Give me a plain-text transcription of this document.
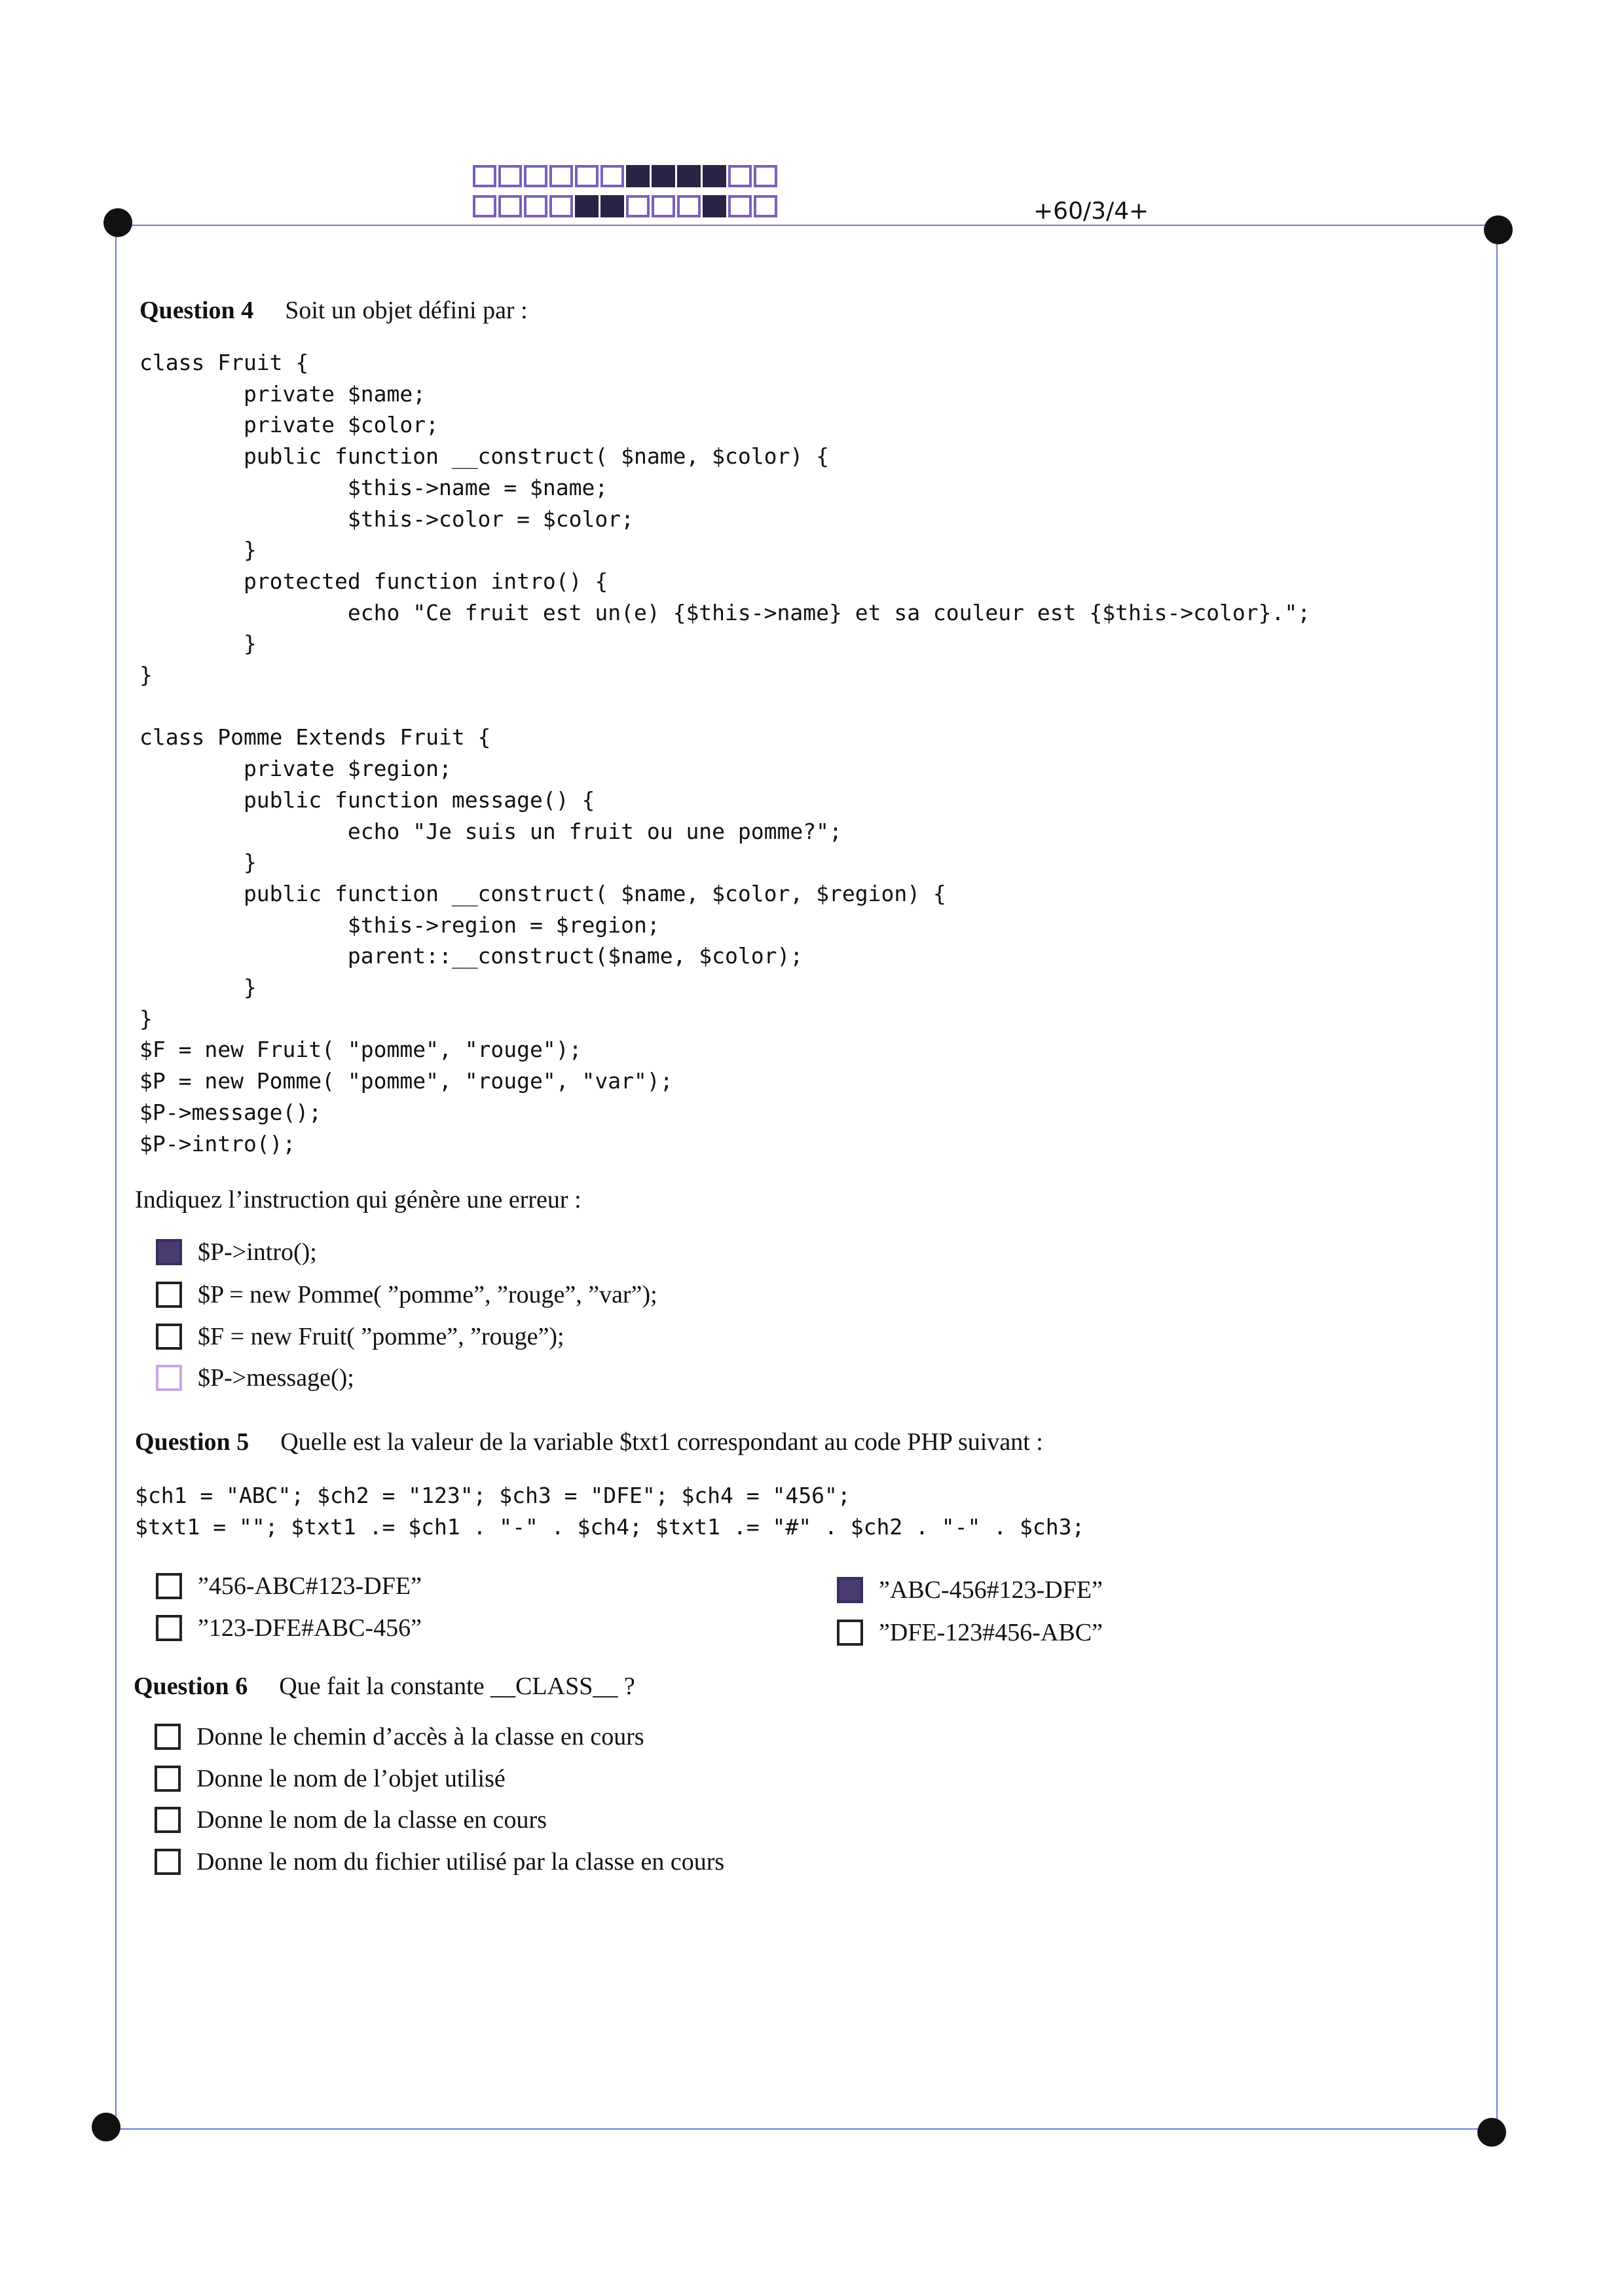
+60/3/4+
Question 4 Soit un objet défini par :
class Fruit {
private $name;
private $color;
public function __construct( $name, $color) {
$this->name = $name;
$this->color = $color;
}
protected function intro() {
echo "Ce fruit est un(e) {$this->name} et sa couleur est {$this->color}.";
}
}

class Pomme Extends Fruit {
private $region;
public function message() {
echo "Je suis un fruit ou une pomme?";
}
public function __construct( $name, $color, $region) {
$this->region = $region;
parent::__construct($name, $color);
}
}
$F = new Fruit( "pomme", "rouge");
$P = new Pomme( "pomme", "rouge", "var");
$P->message();
$P->intro();
Indiquez l’instruction qui génère une erreur :
$P->intro();
$P = new Pomme( ”pomme”, ”rouge”, ”var”);
$F = new Fruit( ”pomme”, ”rouge”);
$P->message();
Question 5 Quelle est la valeur de la variable $txt1 correspondant au code PHP suivant :
$ch1 = "ABC"; $ch2 = "123"; $ch3 = "DFE"; $ch4 = "456";
$txt1 = ""; $txt1 .= $ch1 . "-" . $ch4; $txt1 .= "#" . $ch2 . "-" . $ch3;
”456-ABC#123-DFE”
”123-DFE#ABC-456”
”ABC-456#123-DFE”
”DFE-123#456-ABC”
Question 6 Que fait la constante __CLASS__ ?
Donne le chemin d’accès à la classe en cours
Donne le nom de l’objet utilisé
Donne le nom de la classe en cours
Donne le nom du fichier utilisé par la classe en cours
